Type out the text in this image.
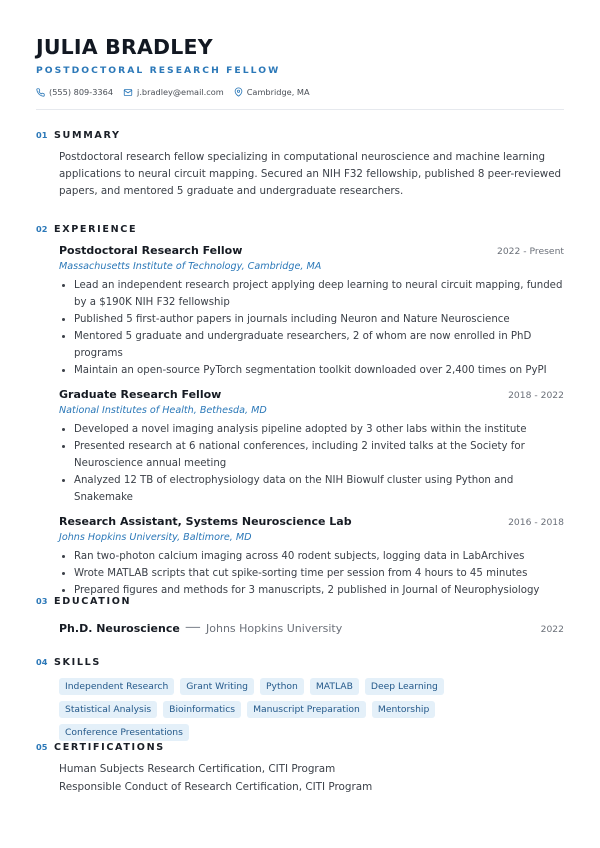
JULIA BRADLEY
POSTDOCTORAL RESEARCH FELLOW
(555) 809-3364	j.bradley@email.com	Cambridge, MA
01 SUMMARY
Postdoctoral research fellow specializing in computational neuroscience and machine learning applications to neural circuit mapping. Secured an NIH F32 fellowship, published 8 peer-reviewed papers, and mentored 5 graduate and undergraduate researchers.
02 EXPERIENCE
Postdoctoral Research Fellow	2022 - Present
Massachusetts Institute of Technology, Cambridge, MA
• Lead an independent research project applying deep learning to neural circuit mapping, funded by a $190K NIH F32 fellowship
• Published 5 first-author papers in journals including Neuron and Nature Neuroscience
• Mentored 5 graduate and undergraduate researchers, 2 of whom are now enrolled in PhD programs
• Maintain an open-source PyTorch segmentation toolkit downloaded over 2,400 times on PyPI
Graduate Research Fellow	2018 - 2022
National Institutes of Health, Bethesda, MD
• Developed a novel imaging analysis pipeline adopted by 3 other labs within the institute
• Presented research at 6 national conferences, including 2 invited talks at the Society for Neuroscience annual meeting
• Analyzed 12 TB of electrophysiology data on the NIH Biowulf cluster using Python and Snakemake
Research Assistant, Systems Neuroscience Lab	2016 - 2018
Johns Hopkins University, Baltimore, MD
• Ran two-photon calcium imaging across 40 rodent subjects, logging data in LabArchives
• Wrote MATLAB scripts that cut spike-sorting time per session from 4 hours to 45 minutes
• Prepared figures and methods for 3 manuscripts, 2 published in Journal of Neurophysiology
03 EDUCATION
Ph.D. Neuroscience — Johns Hopkins University	2022
04 SKILLS
Independent Research	Grant Writing	Python	MATLAB	Deep Learning
Statistical Analysis	Bioinformatics	Manuscript Preparation	Mentorship
Conference Presentations
05 CERTIFICATIONS
Human Subjects Research Certification, CITI Program
Responsible Conduct of Research Certification, CITI Program
